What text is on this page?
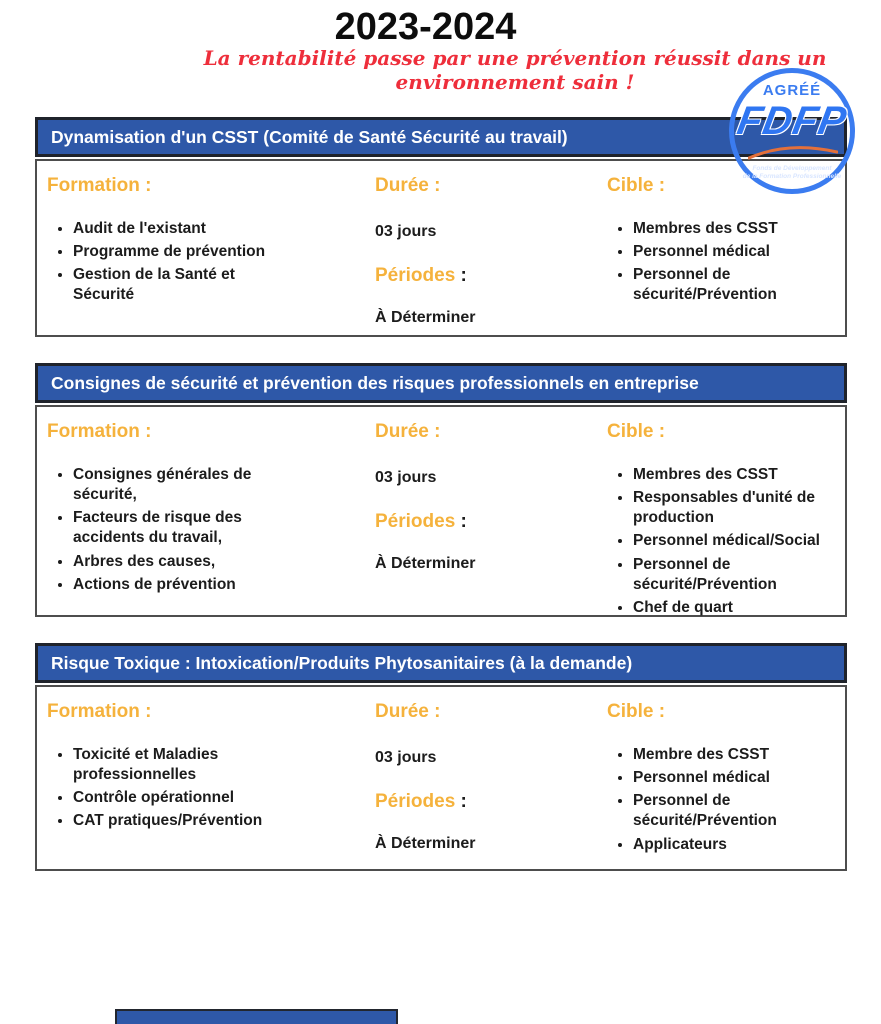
2023-2024
La rentabilité passe par une prévention réussit dans un environnement sain !	AGRÉÉ
FDFP
Fonds de Développement
de la Formation Professionnelle
Dynamisation d'un CSST (Comité de Santé Sécurité au travail)
Formation :
• Audit de l'existant
• Programme de prévention
• Gestion de la Santé et Sécurité
Durée :
03 jours
Périodes :
À Déterminer
Cible :
• Membres des CSST
• Personnel médical
• Personnel de sécurité/Prévention
Consignes de sécurité et prévention des risques professionnels en entreprise
Formation :
• Consignes générales de sécurité,
• Facteurs de risque des accidents du travail,
• Arbres des causes,
• Actions de prévention
Durée :
03 jours
Périodes :
À Déterminer
Cible :
• Membres des CSST
• Responsables d'unité de production
• Personnel médical/Social
• Personnel de sécurité/Prévention
• Chef de quart
Risque Toxique : Intoxication/Produits Phytosanitaires (à la demande)
Formation :
• Toxicité et Maladies professionnelles
• Contrôle opérationnel
• CAT pratiques/Prévention
Durée :
03 jours
Périodes :
À Déterminer
Cible :
• Membre des CSST
• Personnel médical
• Personnel de sécurité/Prévention
• Applicateurs
